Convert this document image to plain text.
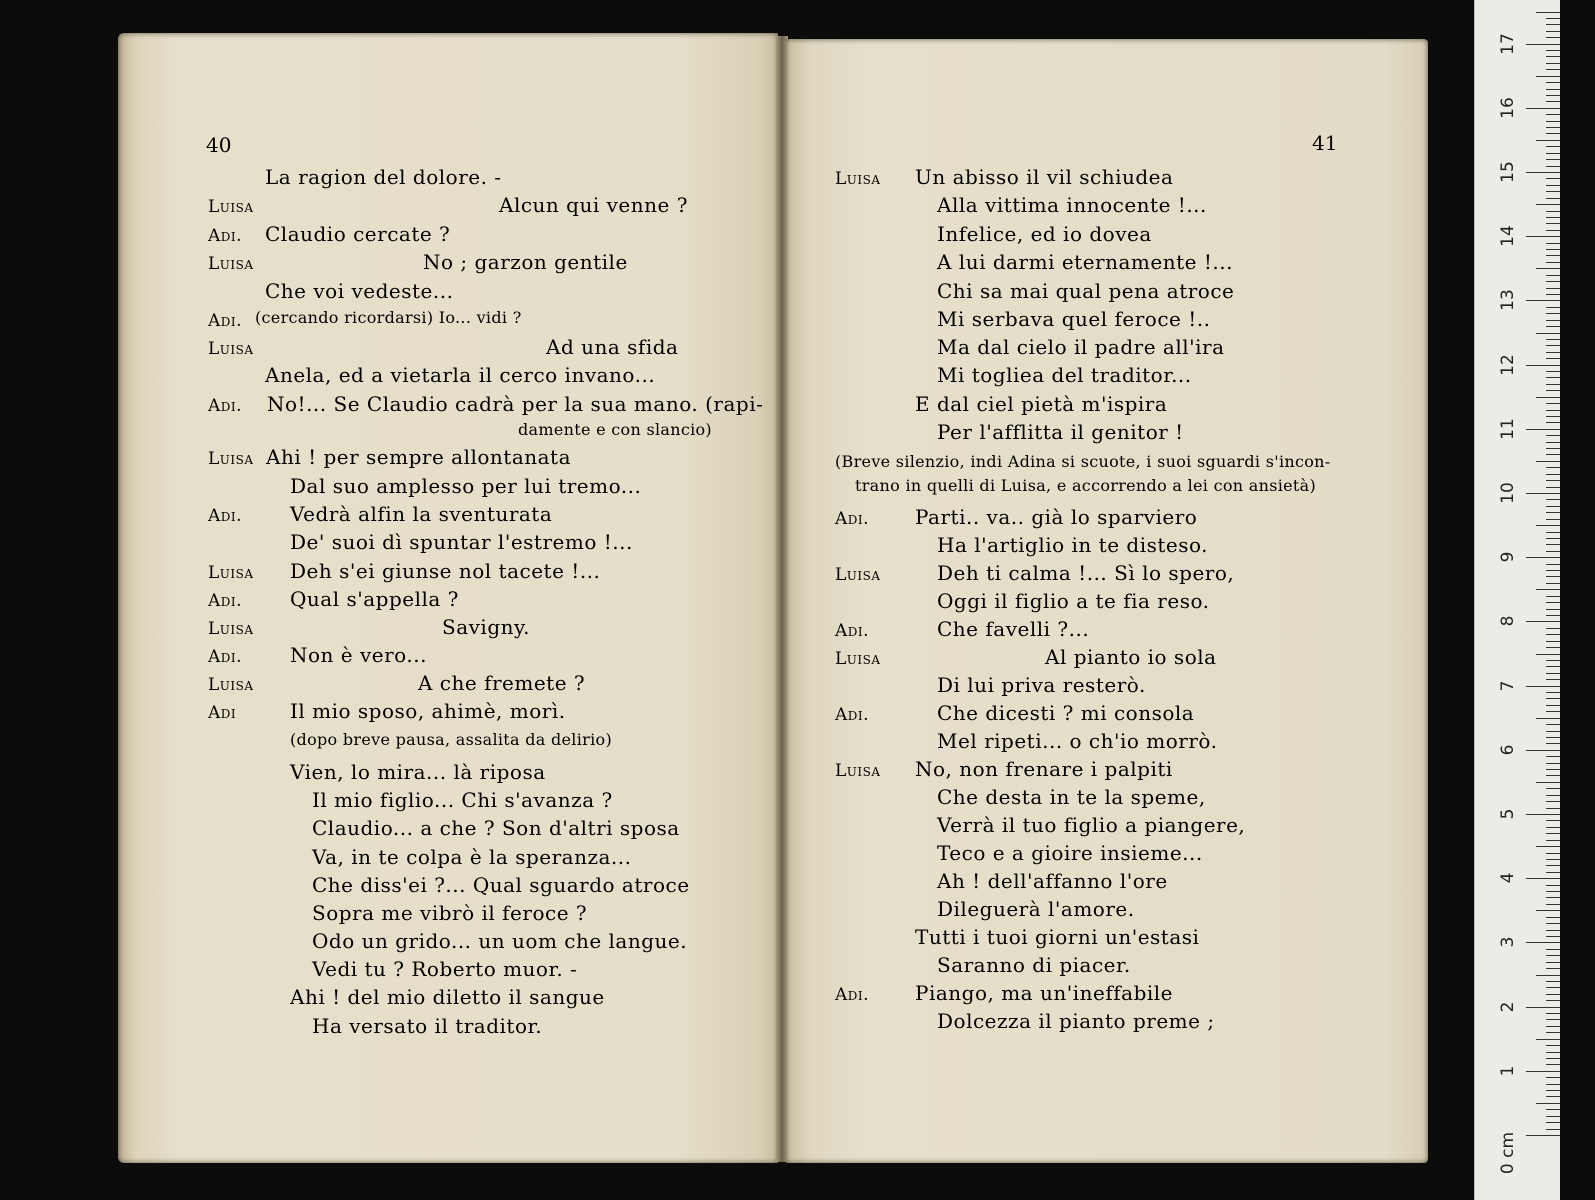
La ragion del dolore. -
Luisa	Alcun qui venne ?
Adi. Claudio cercate ?
Luisa	No ; garzon gentile
Che voi vedeste...
Adi. (cercando ricordarsi) Io... vidi ?
Luisa	Ad una sfida
Anela, ed a vietarla il cerco invano...
Adi. No!... Se Claudio cadrà per la sua mano. (rapi-
damente e con slancio)
Luisa Ahi ! per sempre allontanata
Dal suo amplesso per lui tremo...
Adi. Vedrà alfin la sventurata
De' suoi dì spuntar l'estremo !...
Luisa Deh s'ei giunse nol tacete !...
Adi. Qual s'appella ?
Luisa	Savigny.
Adi. Non è vero...
Luisa	A che fremete ?
Adi	Il mio sposo, ahimè, morì.
(dopo breve pausa, assalita da delirio)
Vien, lo mira... là riposa
Il mio figlio... Chi s'avanza ?
Claudio... a che ? Son d'altri sposa
Va, in te colpa è la speranza...
Che diss'ei ?... Qual sguardo atroce
Sopra me vibrò il feroce ?
Odo un grido... un uom che langue.
Vedi tu ? Roberto muor. -
Ahi ! del mio diletto il sangue
Ha versato il traditor.
Luisa Un abisso il vil schiudea
Alla vittima innocente !...
Infelice, ed io dovea
A lui darmi eternamente !...
Chi sa mai qual pena atroce
Mi serbava quel feroce !..
Ma dal cielo il padre all'ira
Mi togliea del traditor...
E dal ciel pietà m'ispira
Per l'afflitta il genitor !
(Breve silenzio, indi Adina si scuote, i suoi sguardi s'incon-
trano in quelli di Luisa, e accorrendo a lei con ansietà)
Adi. Parti.. va.. già lo sparviero
Ha l'artiglio in te disteso.
Luisa	Deh ti calma !... Sì lo spero,
Oggi il figlio a te fia reso.
Adi.	Che favelli ?...
Luisa	Al pianto io sola
Di lui priva resterò.
Adi.	Che dicesti ? mi consola
Mel ripeti... o ch'io morrò.
Luisa No, non frenare i palpiti
Che desta in te la speme,
Verrà il tuo figlio a piangere,
Teco e a gioire insieme...
Ah ! dell'affanno l'ore
Dileguerà l'amore.
Tutti i tuoi giorni un'estasi
Saranno di piacer.
Adi. Piango, ma un'ineffabile
Dolcezza il pianto preme ;
40	41
0 cm
1
2
3
4
5
6
7
8
9
10
11
12
13
14
15
16
17
